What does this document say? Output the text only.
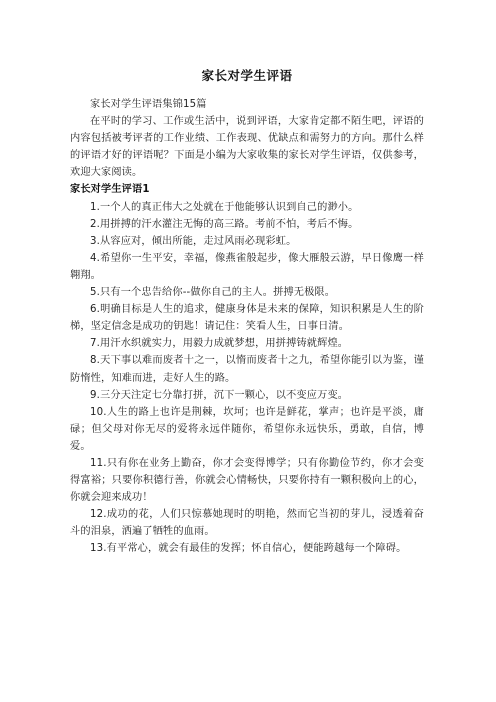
家长对学生评语

家长对学生评语集锦15篇

在平时的学习、工作或生活中，说到评语，大家肯定都不陌生吧，评语的内容包括被考评者的工作业绩、工作表现、优缺点和需努力的方向。那什么样的评语才好的评语呢？下面是小编为大家收集的家长对学生评语，仅供参考，欢迎大家阅读。

家长对学生评语1

1.一个人的真正伟大之处就在于他能够认识到自己的渺小。

2.用拼搏的汗水灌注无悔的高三路。考前不怕，考后不悔。

3.从容应对，倾出所能，走过风雨必现彩虹。

4.希望你一生平安，幸福，像燕雀般起步，像大雁般云游，早日像鹰一样翱翔。

5.只有一个忠告给你--做你自己的主人。拼搏无极限。

6.明确目标是人生的追求，健康身体是未来的保障，知识积累是人生的阶梯，坚定信念是成功的钥匙！请记住：笑看人生，日事日清。

7.用汗水织就实力，用毅力成就梦想，用拼搏铸就辉煌。

8.天下事以难而废者十之一，以惰而废者十之九，希望你能引以为鉴，谨防惰性，知难而进，走好人生的路。

9.三分天注定七分靠打拼，沉下一颗心，以不变应万变。

10.人生的路上也许是荆棘，坎坷；也许是鲜花，掌声；也许是平淡，庸碌；但父母对你无尽的爱将永远伴随你，希望你永远快乐，勇敢，自信，博爱。

11.只有你在业务上勤奋，你才会变得博学；只有你勤俭节约，你才会变得富裕；只要你积德行善，你就会心情畅快，只要你持有一颗积极向上的心，你就会迎来成功！

12.成功的花，人们只惊慕她现时的明艳，然而它当初的芽儿，浸透着奋斗的泪泉，洒遍了牺牲的血雨。

13.有平常心，就会有最佳的发挥；怀自信心，便能跨越每一个障碍。
